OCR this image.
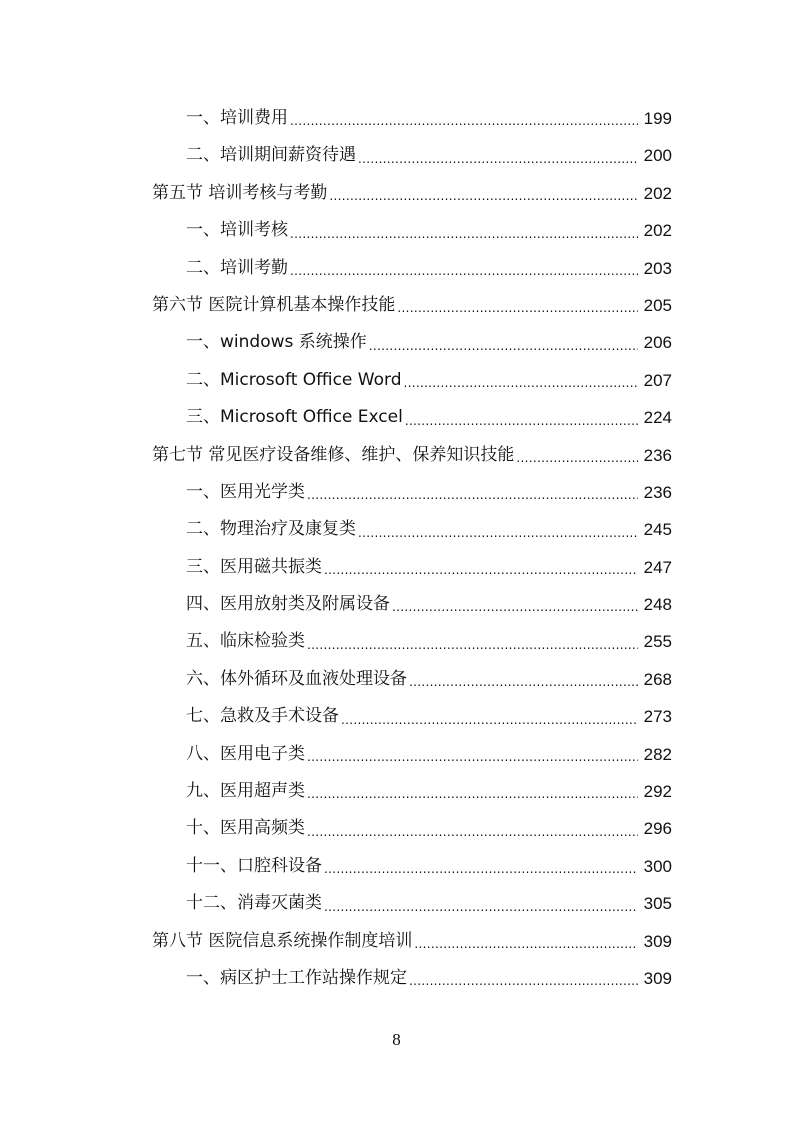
一、培训费用 .....	199
二、培训期间薪资待遇 .....	200
第五节 培训考核与考勤 .....	202
一、培训考核 .....	202
二、培训考勤 .....	203
第六节 医院计算机基本操作技能 .....	205
一、windows 系统操作 .....	206
二、Microsoft Office Word .....	207
三、Microsoft Office Excel .....	224
第七节 常见医疗设备维修、维护、保养知识技能 .....	236
一、医用光学类 .....	236
二、物理治疗及康复类 .....	245
三、医用磁共振类 .....	247
四、医用放射类及附属设备 .....	248
五、临床检验类 .....	255
六、体外循环及血液处理设备 .....	268
七、急救及手术设备 .....	273
八、医用电子类 .....	282
九、医用超声类 .....	292
十、医用高频类 .....	296
十一、口腔科设备 .....	300
十二、消毒灭菌类 .....	305
第八节 医院信息系统操作制度培训 .....	309
一、病区护士工作站操作规定 .....	309
8
